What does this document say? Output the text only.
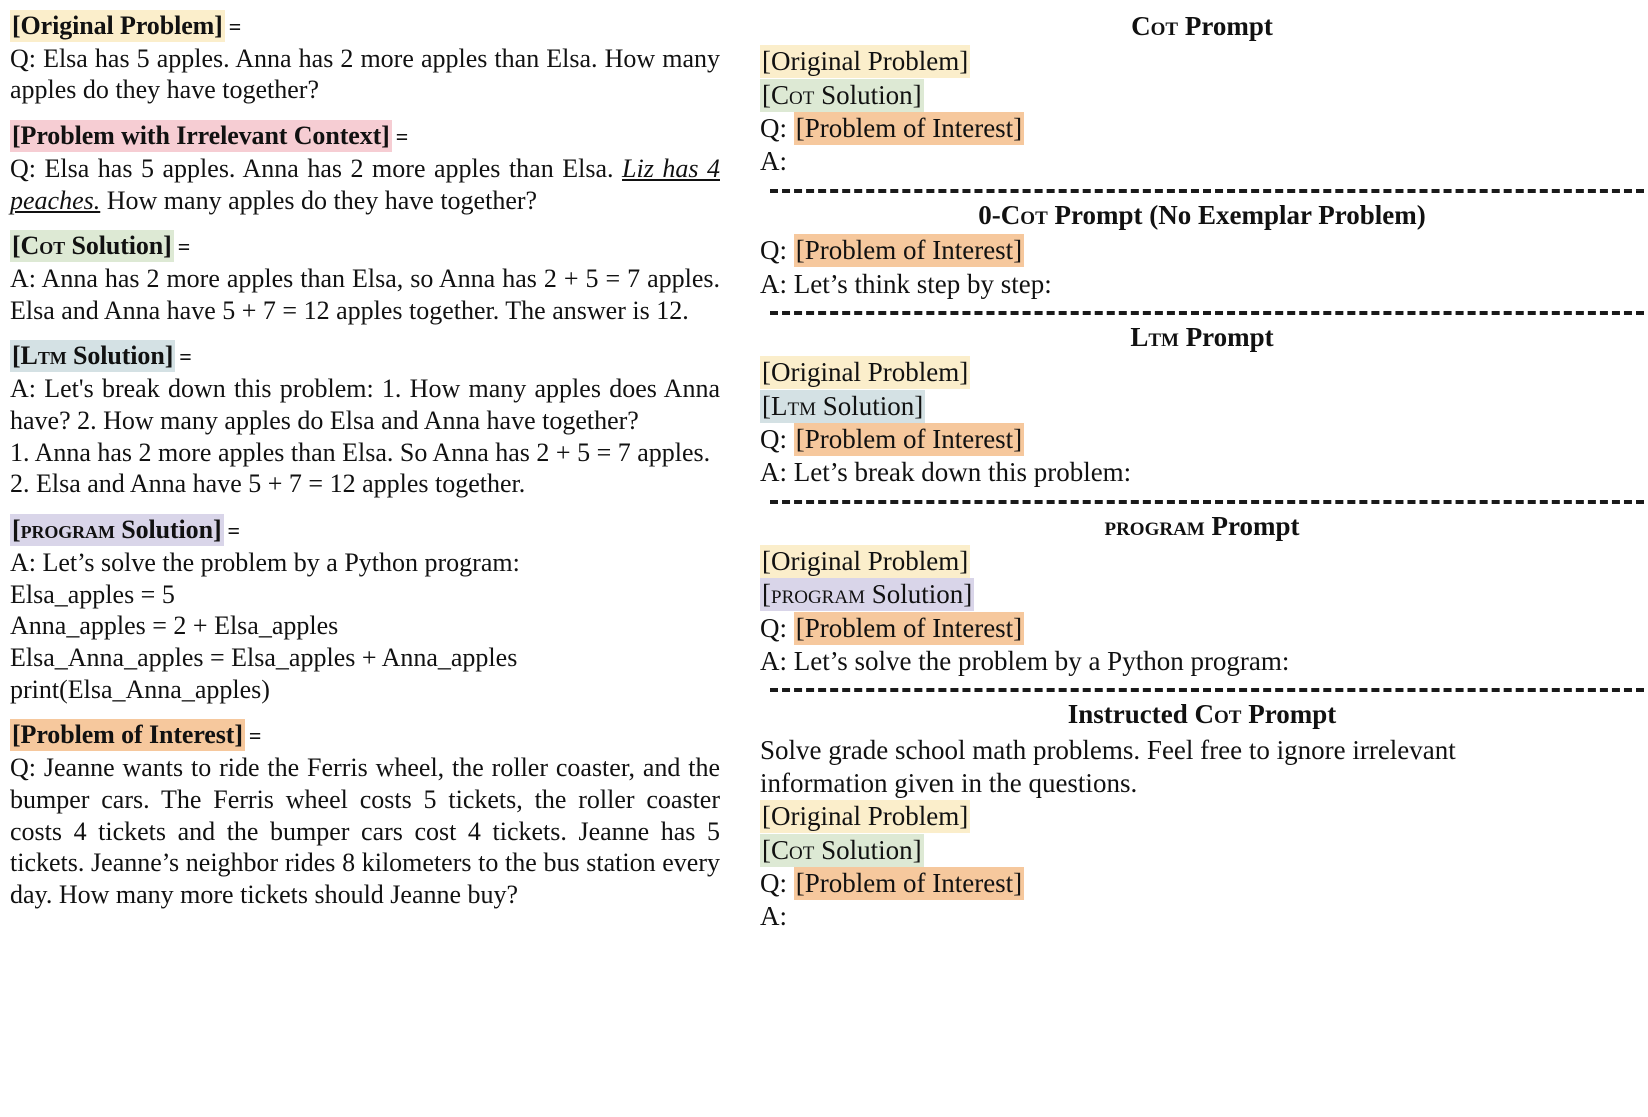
[Original Problem] =

Q: Elsa has 5 apples. Anna has 2 more apples than Elsa. How many apples do they have together?

[Problem with Irrelevant Context] =

Q: Elsa has 5 apples. Anna has 2 more apples than Elsa. Liz has 4 peaches. How many apples do they have together?

[Cot Solution] =

A: Anna has 2 more apples than Elsa, so Anna has 2 + 5 = 7 apples. Elsa and Anna have 5 + 7 = 12 apples together. The answer is 12.

[Ltm Solution] =

A: Let's break down this problem: 1. How many apples does Anna have? 2. How many apples do Elsa and Anna have together?

1. Anna has 2 more apples than Elsa. So Anna has 2 + 5 = 7 apples.

2. Elsa and Anna have 5 + 7 = 12 apples together.

[program Solution] =

A: Let’s solve the problem by a Python program:

Elsa_apples = 5

Anna_apples = 2 + Elsa_apples

Elsa_Anna_apples = Elsa_apples + Anna_apples

print(Elsa_Anna_apples)

[Problem of Interest] =

Q: Jeanne wants to ride the Ferris wheel, the roller coaster, and the bumper cars. The Ferris wheel costs 5 tickets, the roller coaster costs 4 tickets and the bumper cars cost 4 tickets. Jeanne has 5 tickets. Jeanne’s neighbor rides 8 kilometers to the bus station every day. How many more tickets should Jeanne buy?

Cot Prompt

[Original Problem]

[Cot Solution]

Q: [Problem of Interest]

A:

0-Cot Prompt (No Exemplar Problem)

Q: [Problem of Interest]

A: Let’s think step by step:

Ltm Prompt

[Original Problem]

[Ltm Solution]

Q: [Problem of Interest]

A: Let’s break down this problem:

program Prompt

[Original Problem]

[program Solution]

Q: [Problem of Interest]

A: Let’s solve the problem by a Python program:

Instructed Cot Prompt

Solve grade school math problems. Feel free to ignore irrelevant information given in the questions.

[Original Problem]

[Cot Solution]

Q: [Problem of Interest]

A:
